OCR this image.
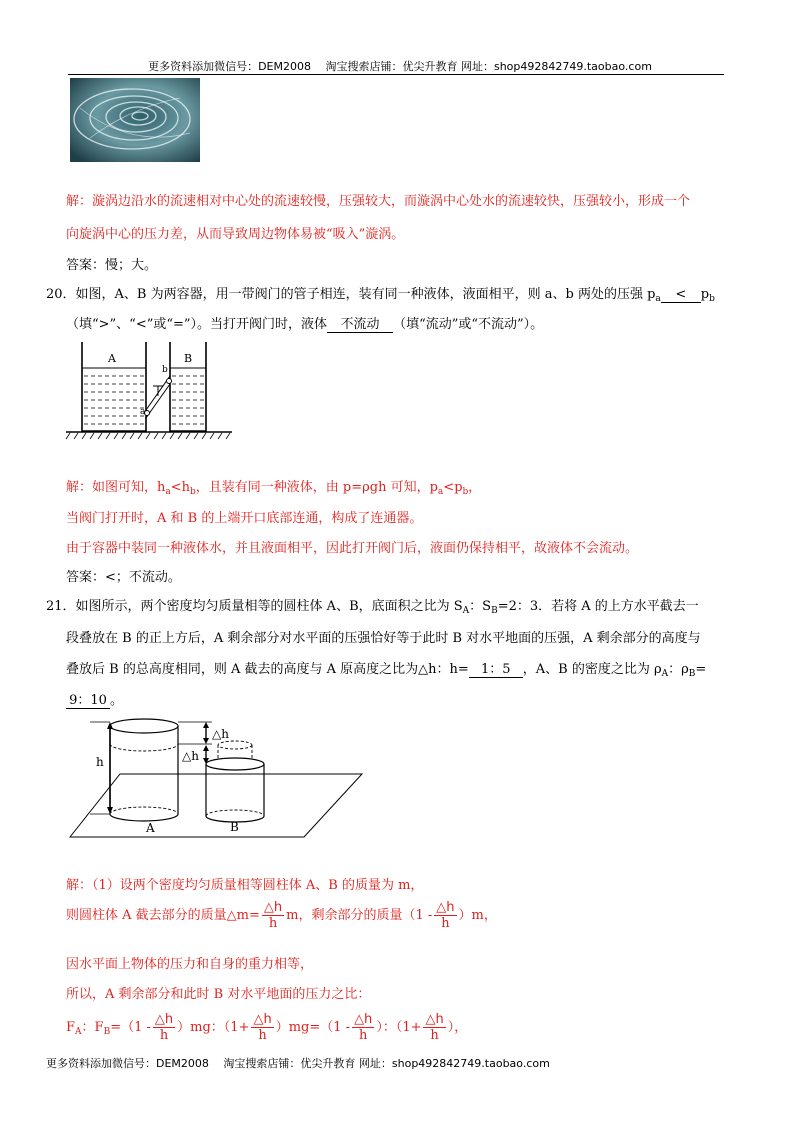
更多资料添加微信号：DEM2008　 淘宝搜索店铺：优尖升教育 网址：shop492842749.taobao.com
解：漩涡边沿水的流速相对中心处的流速较慢，压强较大，而漩涡中心处水的流速较快，压强较小，形成一个
向旋涡中心的压力差，从而导致周边物体易被“吸入”漩涡。
答案：慢；大。
20．如图，A、B 为两容器，用一带阀门的管子相连，装有同一种液体，液面相平，则 a、b 两处的压强 $p_a < p_b$
（填“>”、“<”或“=”）。当打开阀门时，液体 不流动 （填“流动”或“不流动”）。
A	B
a
b
解：如图可知，$h_a<h_b$，且装有同一种液体，由 p=ρgh 可知，$p_a<p_b$，
当阀门打开时，A 和 B 的上端开口底部连通，构成了连通器。
由于容器中装同一种液体水，并且液面相平，因此打开阀门后，液面仍保持相平，故液体不会流动。
答案：<；不流动。
21．如图所示，两个密度均匀质量相等的圆柱体 A、B，底面积之比为 $S_A$：$S_B=2$：3．若将 A 的上方水平截去一
段叠放在 B 的正上方后，A 剩余部分对水平面的压强恰好等于此时 B 对水平地面的压强，A 剩余部分的高度与
叠放后 B 的总高度相同，则 A 截去的高度与 A 原高度之比为△h：h= 1：5 ，A、B 的密度之比为 $\rho_A$：$\rho_B=$
9：10 。
h
△h
△h
A	B
解：（1）设两个密度均匀质量相等圆柱体 A、B 的质量为 m，
则圆柱体 A 截去部分的质量△m= $\frac{\triangle h}{h}$ m，剩余部分的质量$(1 - \frac{\triangle h}{h} )m$，
因水平面上物体的压力和自身的重力相等，
所以，A 剩余部分和此时 B 对水平地面的压力之比：
$F_A$：$F_B=(1 - \frac{\triangle h}{h} )mg$：$(1+ \frac{\triangle h}{h} )mg=(1 - \frac{\triangle h}{h}$ ）：（$1+ \frac{\triangle h}{h}$ ），
更多资料添加微信号：DEM2008　 淘宝搜索店铺：优尖升教育 网址：shop492842749.taobao.com
